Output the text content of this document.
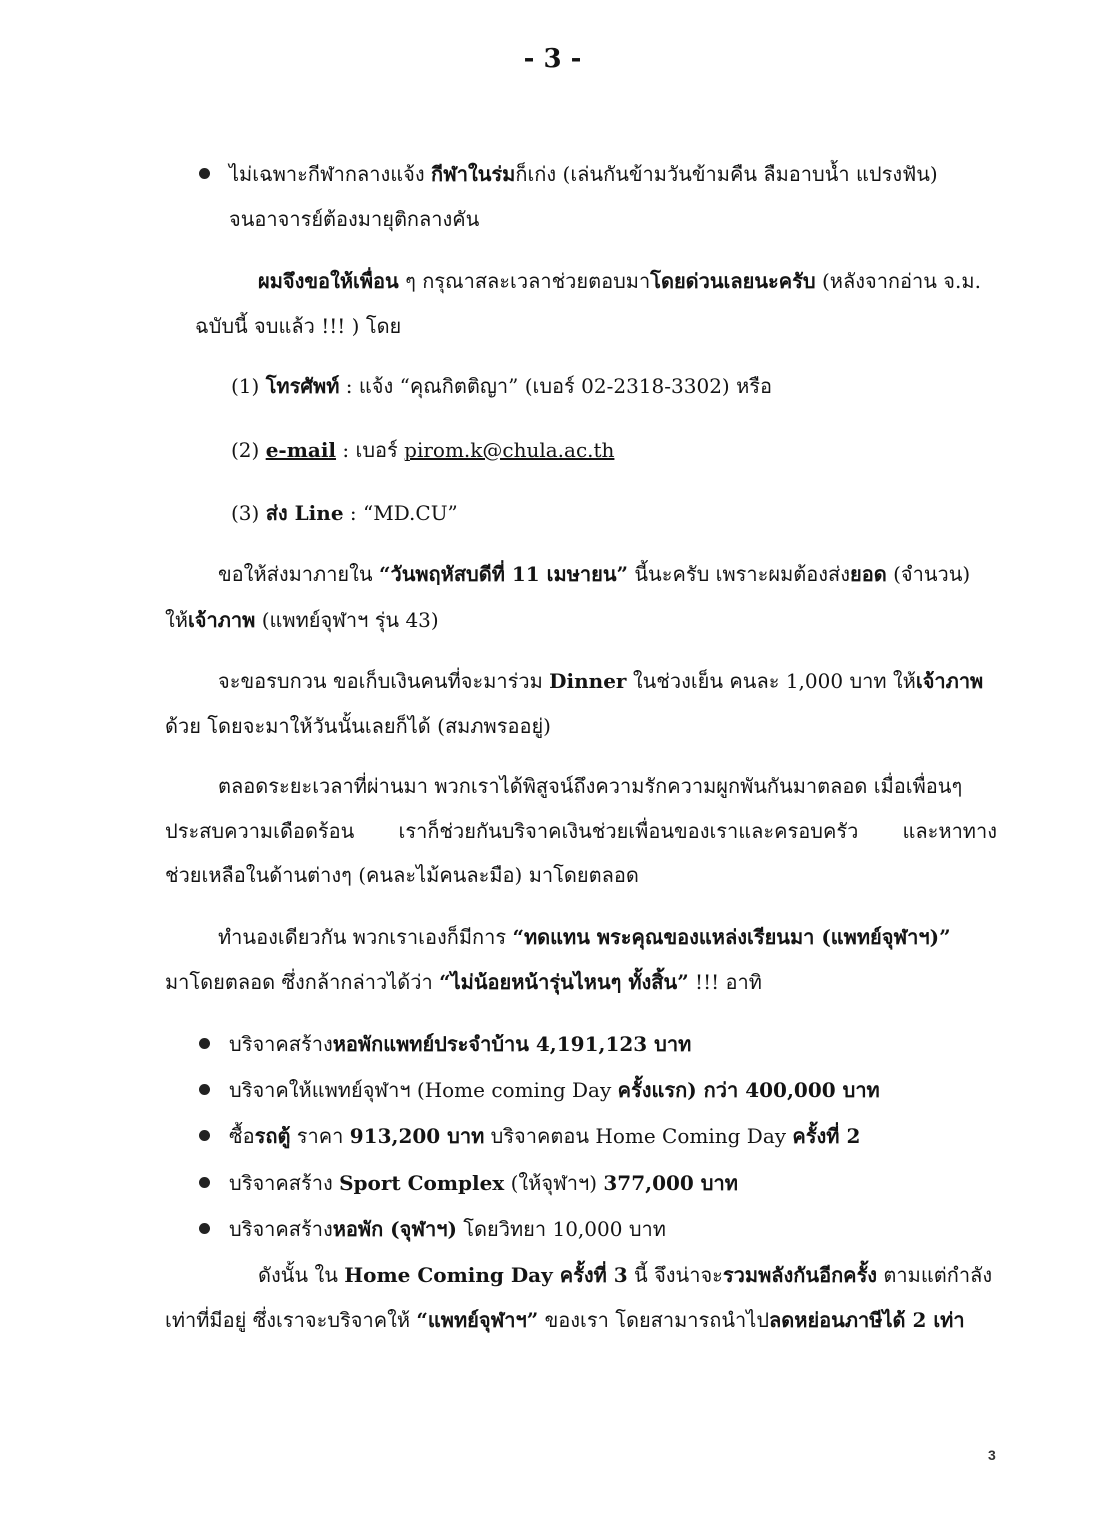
- 3 -
ไม่เฉพาะกีฬากลางแจ้ง กีฬาในร่มก็เก่ง (เล่นกันข้ามวันข้ามคืน ลืมอาบน้ำ แปรงฟัน)
จนอาจารย์ต้องมายุติกลางคัน
ผมจึงขอให้เพื่อน ๆ กรุณาสละเวลาช่วยตอบมาโดยด่วนเลยนะครับ (หลังจากอ่าน จ.ม.
ฉบับนี้ จบแล้ว !!! ) โดย
(1) โทรศัพท์ : แจ้ง “คุณกิตติญา” (เบอร์ 02-2318-3302) หรือ
(2) e-mail : เบอร์ pirom.k@chula.ac.th
(3) ส่ง Line : “MD.CU”
ขอให้ส่งมาภายใน “วันพฤหัสบดีที่ 11 เมษายน” นี้นะครับ เพราะผมต้องส่งยอด (จำนวน)
ให้เจ้าภาพ (แพทย์จุฬาฯ รุ่น 43)
จะขอรบกวน ขอเก็บเงินคนที่จะมาร่วม Dinner ในช่วงเย็น คนละ 1,000 บาท ให้เจ้าภาพ
ด้วย โดยจะมาให้วันนั้นเลยก็ได้ (สมภพรออยู่)
ตลอดระยะเวลาที่ผ่านมา พวกเราได้พิสูจน์ถึงความรักความผูกพันกันมาตลอด เมื่อเพื่อนๆ
ประสบความเดือดร้อน เราก็ช่วยกันบริจาคเงินช่วยเพื่อนของเราและครอบครัว และหาทาง
ช่วยเหลือในด้านต่างๆ (คนละไม้คนละมือ) มาโดยตลอด
ทำนองเดียวกัน พวกเราเองก็มีการ “ทดแทน พระคุณของแหล่งเรียนมา (แพทย์จุฬาฯ)”
มาโดยตลอด ซึ่งกล้ากล่าวได้ว่า “ไม่น้อยหน้ารุ่นไหนๆ ทั้งสิ้น” !!! อาทิ
บริจาคสร้างหอพักแพทย์ประจำบ้าน 4,191,123 บาท
บริจาคให้แพทย์จุฬาฯ (Home coming Day ครั้งแรก) กว่า 400,000 บาท
ซื้อรถตู้ ราคา 913,200 บาท บริจาคตอน Home Coming Day ครั้งที่ 2
บริจาคสร้าง Sport Complex (ให้จุฬาฯ) 377,000 บาท
บริจาคสร้างหอพัก (จุฬาฯ) โดยวิทยา 10,000 บาท
ดังนั้น ใน Home Coming Day ครั้งที่ 3 นี้ จึงน่าจะรวมพลังกันอีกครั้ง ตามแต่กำลัง
เท่าที่มีอยู่ ซึ่งเราจะบริจาคให้ “แพทย์จุฬาฯ” ของเรา โดยสามารถนำไปลดหย่อนภาษีได้ 2 เท่า
3
